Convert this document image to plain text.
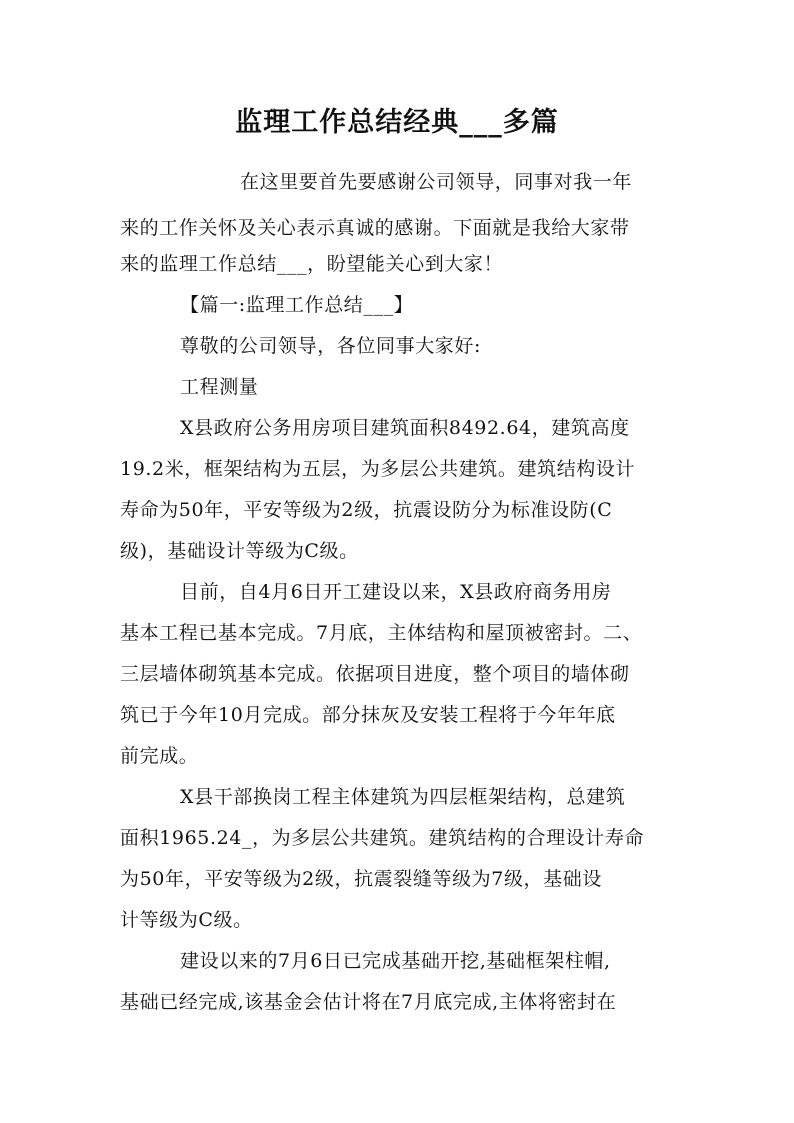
监理工作总结经典___多篇
在这里要首先要感谢公司领导，同事对我一年
来的工作关怀及关心表示真诚的感谢。下面就是我给大家带
来的监理工作总结___，盼望能关心到大家！
【篇一:监理工作总结___】
尊敬的公司领导，各位同事大家好:
工程测量
X县政府公务用房项目建筑面积8492.64，建筑高度
19.2米，框架结构为五层，为多层公共建筑。建筑结构设计
寿命为50年，平安等级为2级，抗震设防分为标准设防(C
级)，基础设计等级为C级。
目前，自4月6日开工建设以来，X县政府商务用房
基本工程已基本完成。7月底，主体结构和屋顶被密封。二、
三层墙体砌筑基本完成。依据项目进度，整个项目的墙体砌
筑已于今年10月完成。部分抹灰及安装工程将于今年年底
前完成。
X县干部换岗工程主体建筑为四层框架结构，总建筑
面积1965.24_，为多层公共建筑。建筑结构的合理设计寿命
为50年，平安等级为2级，抗震裂缝等级为7级，基础设
计等级为C级。
建设以来的7月6日已完成基础开挖,基础框架柱帽,
基础已经完成,该基金会估计将在7月底完成,主体将密封在
